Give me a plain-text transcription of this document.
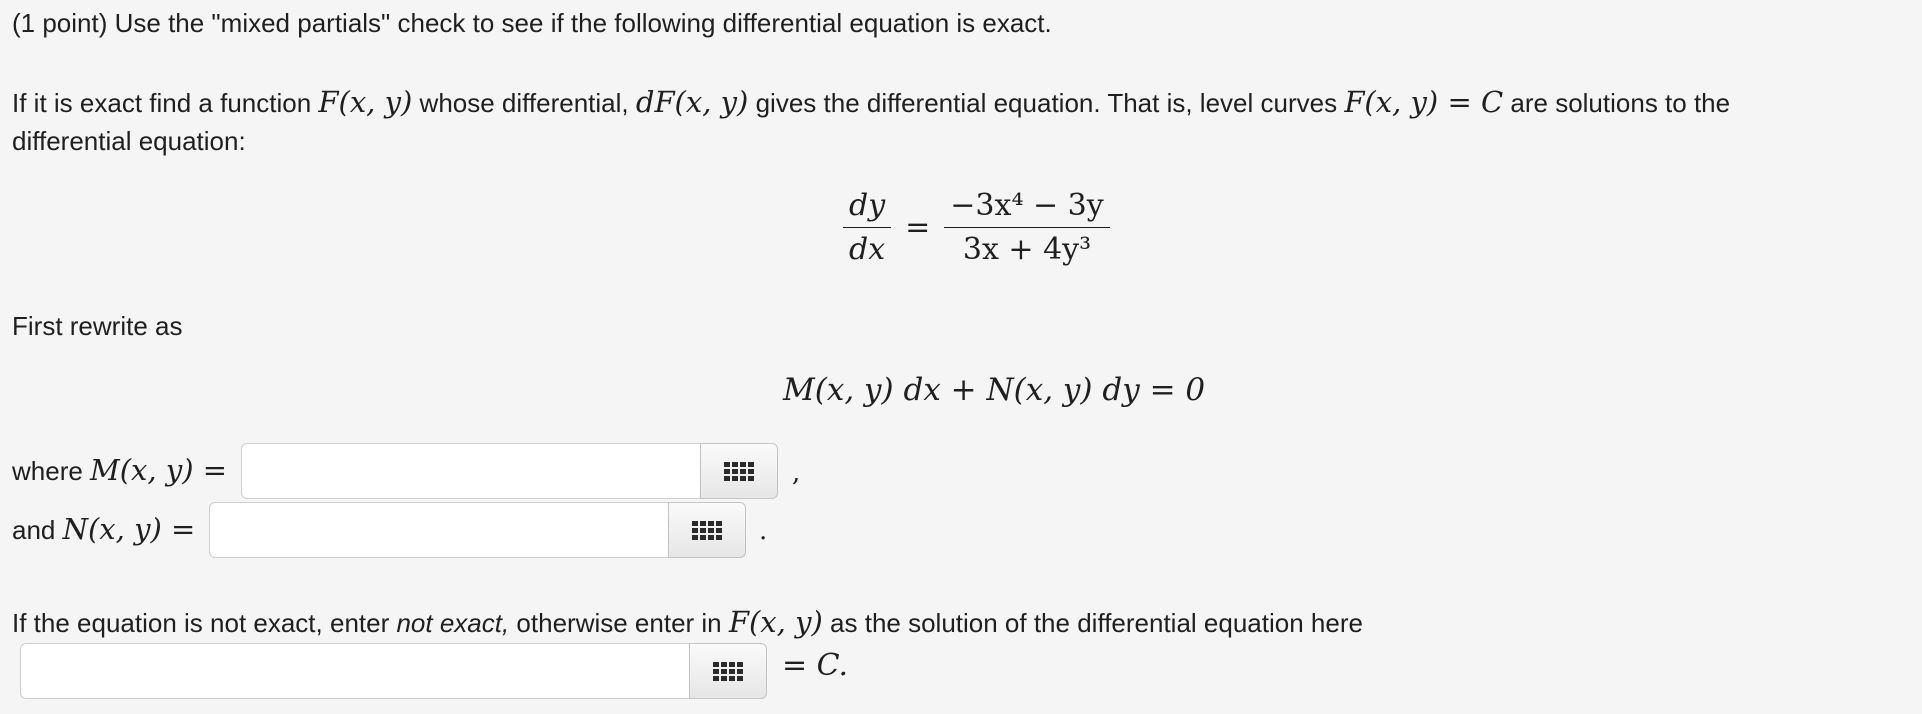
(1 point) Use the "mixed partials" check to see if the following differential equation is exact.
If it is exact find a function F(x, y) whose differential, dF(x, y) gives the differential equation. That is, level curves F(x, y) = C are solutions to the
differential equation:
$\frac{dy}{dx} = \frac{\text{−3x⁴ − 3y}}{\text{3x + 4y³}}$
First rewrite as
M(x, y) dx + N(x, y) dy = 0
where M(x, y) =	,
and N(x, y) =	.
If the equation is not exact, enter not exact, otherwise enter in F(x, y) as the solution of the differential equation here
= C.
